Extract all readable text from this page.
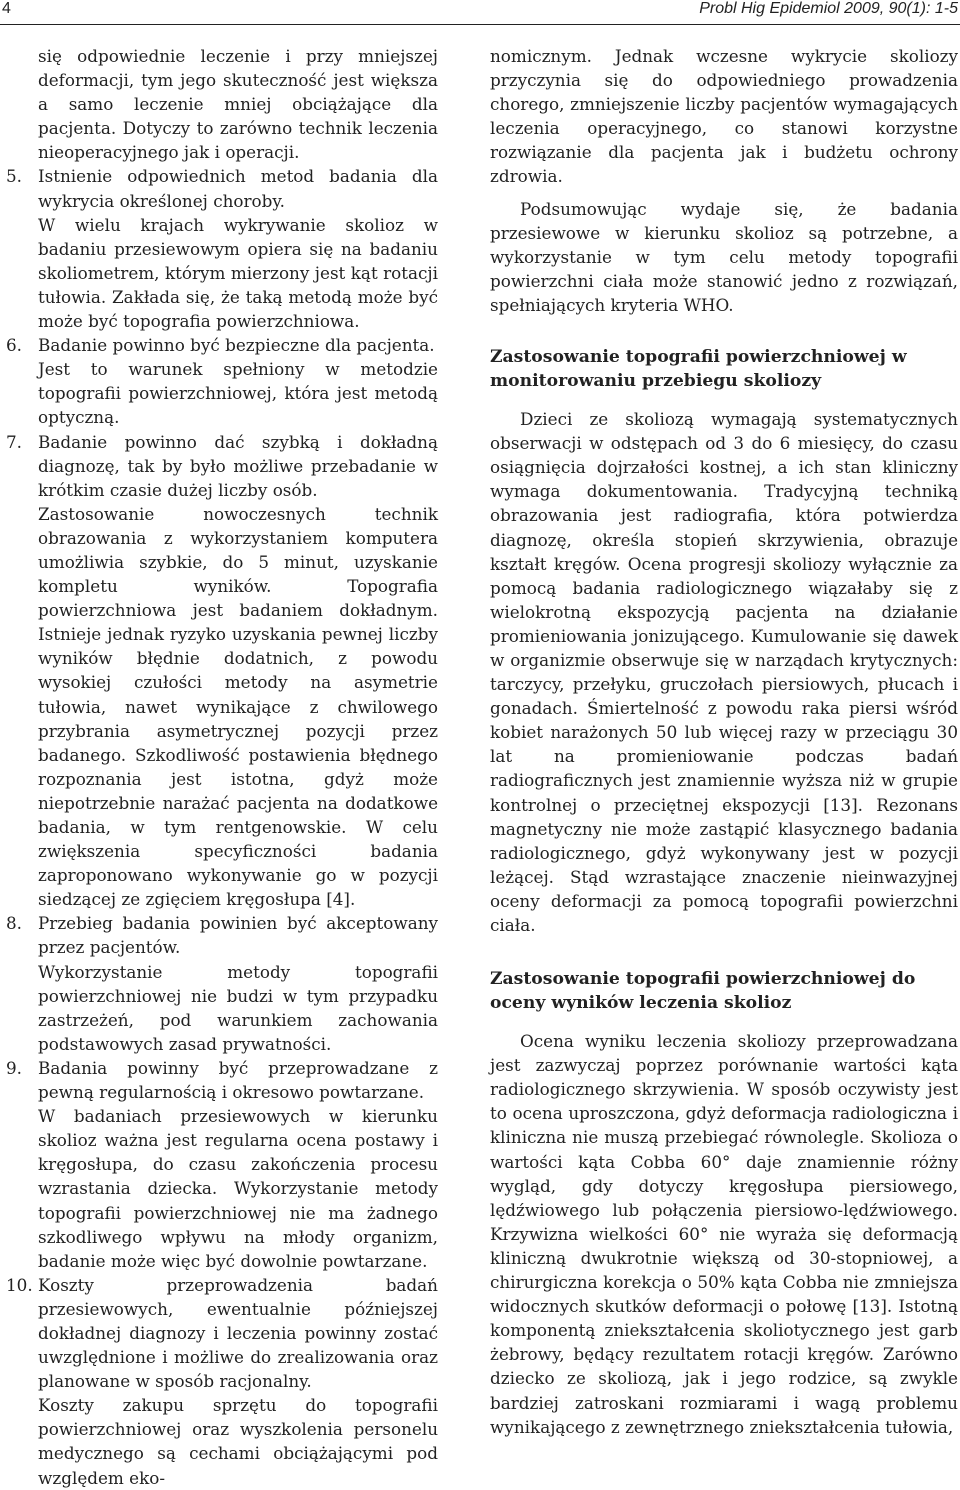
4	Probl Hig Epidemiol 2009, 90(1): 1-5

się odpowiednie leczenie i przy mniejszej deformacji, tym jego skuteczność jest większa a samo leczenie mniej obciążające dla pacjenta. Dotyczy to zarówno technik leczenia nieoperacyjnego jak i operacji.

5. Istnienie odpowiednich metod badania dla wykrycia określonej choroby.

W wielu krajach wykrywanie skolioz w badaniu przesiewowym opiera się na badaniu skoliometrem, którym mierzony jest kąt rotacji tułowia. Zakłada się, że taką metodą może być może być topografia powierzchniowa.

6. Badanie powinno być bezpieczne dla pacjenta.

Jest to warunek spełniony w metodzie topografii powierzchniowej, która jest metodą optyczną.

7. Badanie powinno dać szybką i dokładną diagnozę, tak by było możliwe przebadanie w krótkim czasie dużej liczby osób.

Zastosowanie nowoczesnych technik obrazowania z wykorzystaniem komputera umożliwia szybkie, do 5 minut, uzyskanie kompletu wyników. Topografia powierzchniowa jest badaniem dokładnym. Istnieje jednak ryzyko uzyskania pewnej liczby wyników błędnie dodatnich, z powodu wysokiej czułości metody na asymetrie tułowia, nawet wynikające z chwilowego przybrania asymetrycznej pozycji przez badanego. Szkodliwość postawienia błędnego rozpoznania jest istotna, gdyż może niepotrzebnie narażać pacjenta na dodatkowe badania, w tym rentgenowskie. W celu zwiększenia specyficzności badania zaproponowano wykonywanie go w pozycji siedzącej ze zgięciem kręgosłupa [4].

8. Przebieg badania powinien być akceptowany przez pacjentów.

Wykorzystanie metody topografii powierzchniowej nie budzi w tym przypadku zastrzeżeń, pod warunkiem zachowania podstawowych zasad prywatności.

9. Badania powinny być przeprowadzane z pewną regularnością i okresowo powtarzane.

W badaniach przesiewowych w kierunku skolioz ważna jest regularna ocena postawy i kręgosłupa, do czasu zakończenia procesu wzrastania dziecka. Wykorzystanie metody topografii powierzchniowej nie ma żadnego szkodliwego wpływu na młody organizm, badanie może więc być dowolnie powtarzane.

10. Koszty przeprowadzenia badań przesiewowych, ewentualnie późniejszej dokładnej diagnozy i leczenia powinny zostać uwzględnione i możliwe do zrealizowania oraz planowane w sposób racjonalny.

Koszty zakupu sprzętu do topografii powierzchniowej oraz wyszkolenia personelu medycznego są cechami obciążającymi pod względem eko-

nomicznym. Jednak wczesne wykrycie skoliozy przyczynia się do odpowiedniego prowadzenia chorego, zmniejszenie liczby pacjentów wymagających leczenia operacyjnego, co stanowi korzystne rozwiązanie dla pacjenta jak i budżetu ochrony zdrowia.

Podsumowując wydaje się, że badania przesiewowe w kierunku skolioz są potrzebne, a wykorzystanie w tym celu metody topografii powierzchni ciała może stanowić jedno z rozwiązań, spełniających kryteria WHO.

Zastosowanie topografii powierzchniowej w monitorowaniu przebiegu skoliozy

Dzieci ze skoliozą wymagają systematycznych obserwacji w odstępach od 3 do 6 miesięcy, do czasu osiągnięcia dojrzałości kostnej, a ich stan kliniczny wymaga dokumentowania. Tradycyjną techniką obrazowania jest radiografia, która potwierdza diagnozę, określa stopień skrzywienia, obrazuje kształt kręgów. Ocena progresji skoliozy wyłącznie za pomocą badania radiologicznego wiązałaby się z wielokrotną ekspozycją pacjenta na działanie promieniowania jonizującego. Kumulowanie się dawek w organizmie obserwuje się w narządach krytycznych: tarczycy, przełyku, gruczołach piersiowych, płucach i gonadach. Śmiertelność z powodu raka piersi wśród kobiet narażonych 50 lub więcej razy w przeciągu 30 lat na promieniowanie podczas badań radiograficznych jest znamiennie wyższa niż w grupie kontrolnej o przeciętnej ekspozycji [13]. Rezonans magnetyczny nie może zastąpić klasycznego badania radiologicznego, gdyż wykonywany jest w pozycji leżącej. Stąd wzrastające znaczenie nieinwazyjnej oceny deformacji za pomocą topografii powierzchni ciała.

Zastosowanie topografii powierzchniowej do oceny wyników leczenia skolioz

Ocena wyniku leczenia skoliozy przeprowadzana jest zazwyczaj poprzez porównanie wartości kąta radiologicznego skrzywienia. W sposób oczywisty jest to ocena uproszczona, gdyż deformacja radiologiczna i kliniczna nie muszą przebiegać równolegle. Skolioza o wartości kąta Cobba 60° daje znamiennie różny wygląd, gdy dotyczy kręgosłupa piersiowego, lędźwiowego lub połączenia piersiowo-lędźwiowego. Krzywizna wielkości 60° nie wyraża się deformacją kliniczną dwukrotnie większą od 30-stopniowej, a chirurgiczna korekcja o 50% kąta Cobba nie zmniejsza widocznych skutków deformacji o połowę [13]. Istotną komponentą zniekształcenia skoliotycznego jest garb żebrowy, będący rezultatem rotacji kręgów. Zarówno dziecko ze skoliozą, jak i jego rodzice, są zwykle bardziej zatroskani rozmiarami i wagą problemu wynikającego z zewnętrznego zniekształcenia tułowia,
